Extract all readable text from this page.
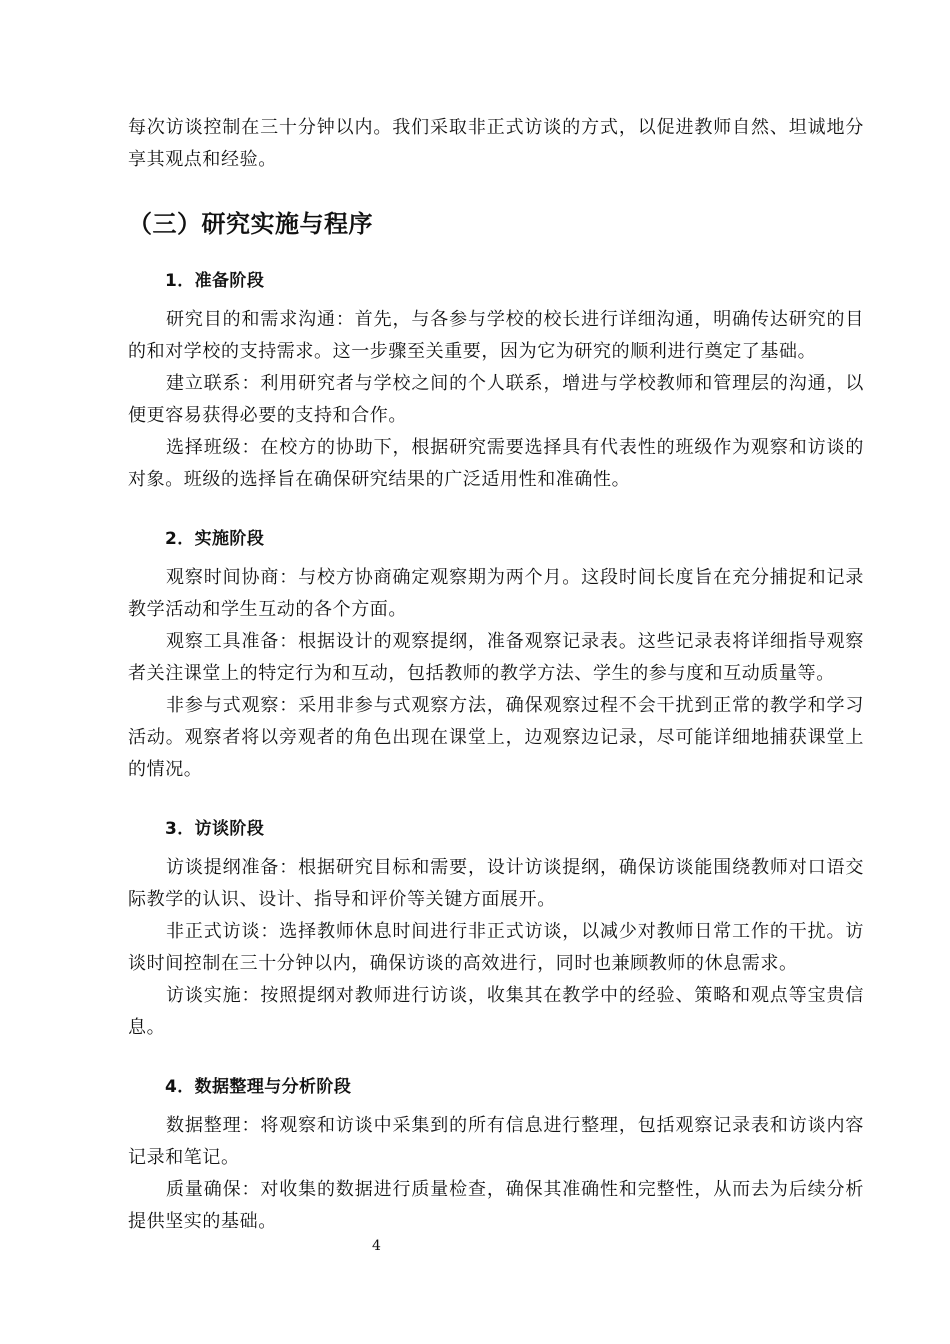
每次访谈控制在三十分钟以内。我们采取非正式访谈的方式，以促进教师自然、坦诚地分享其观点和经验。

（三）研究实施与程序
1．准备阶段

研究目的和需求沟通：首先，与各参与学校的校长进行详细沟通，明确传达研究的目的和对学校的支持需求。这一步骤至关重要，因为它为研究的顺利进行奠定了基础。

建立联系：利用研究者与学校之间的个人联系，增进与学校教师和管理层的沟通，以便更容易获得必要的支持和合作。

选择班级：在校方的协助下，根据研究需要选择具有代表性的班级作为观察和访谈的对象。班级的选择旨在确保研究结果的广泛适用性和准确性。

2．实施阶段

观察时间协商：与校方协商确定观察期为两个月。这段时间长度旨在充分捕捉和记录教学活动和学生互动的各个方面。

观察工具准备：根据设计的观察提纲，准备观察记录表。这些记录表将详细指导观察者关注课堂上的特定行为和互动，包括教师的教学方法、学生的参与度和互动质量等。

非参与式观察：采用非参与式观察方法，确保观察过程不会干扰到正常的教学和学习活动。观察者将以旁观者的角色出现在课堂上，边观察边记录，尽可能详细地捕获课堂上的情况。

3．访谈阶段

访谈提纲准备：根据研究目标和需要，设计访谈提纲，确保访谈能围绕教师对口语交际教学的认识、设计、指导和评价等关键方面展开。

非正式访谈：选择教师休息时间进行非正式访谈，以减少对教师日常工作的干扰。访谈时间控制在三十分钟以内，确保访谈的高效进行，同时也兼顾教师的休息需求。

访谈实施：按照提纲对教师进行访谈，收集其在教学中的经验、策略和观点等宝贵信息。

4．数据整理与分析阶段

数据整理：将观察和访谈中采集到的所有信息进行整理，包括观察记录表和访谈内容记录和笔记。

质量确保：对收集的数据进行质量检查，确保其准确性和完整性，从而去为后续分析提供坚实的基础。

4
